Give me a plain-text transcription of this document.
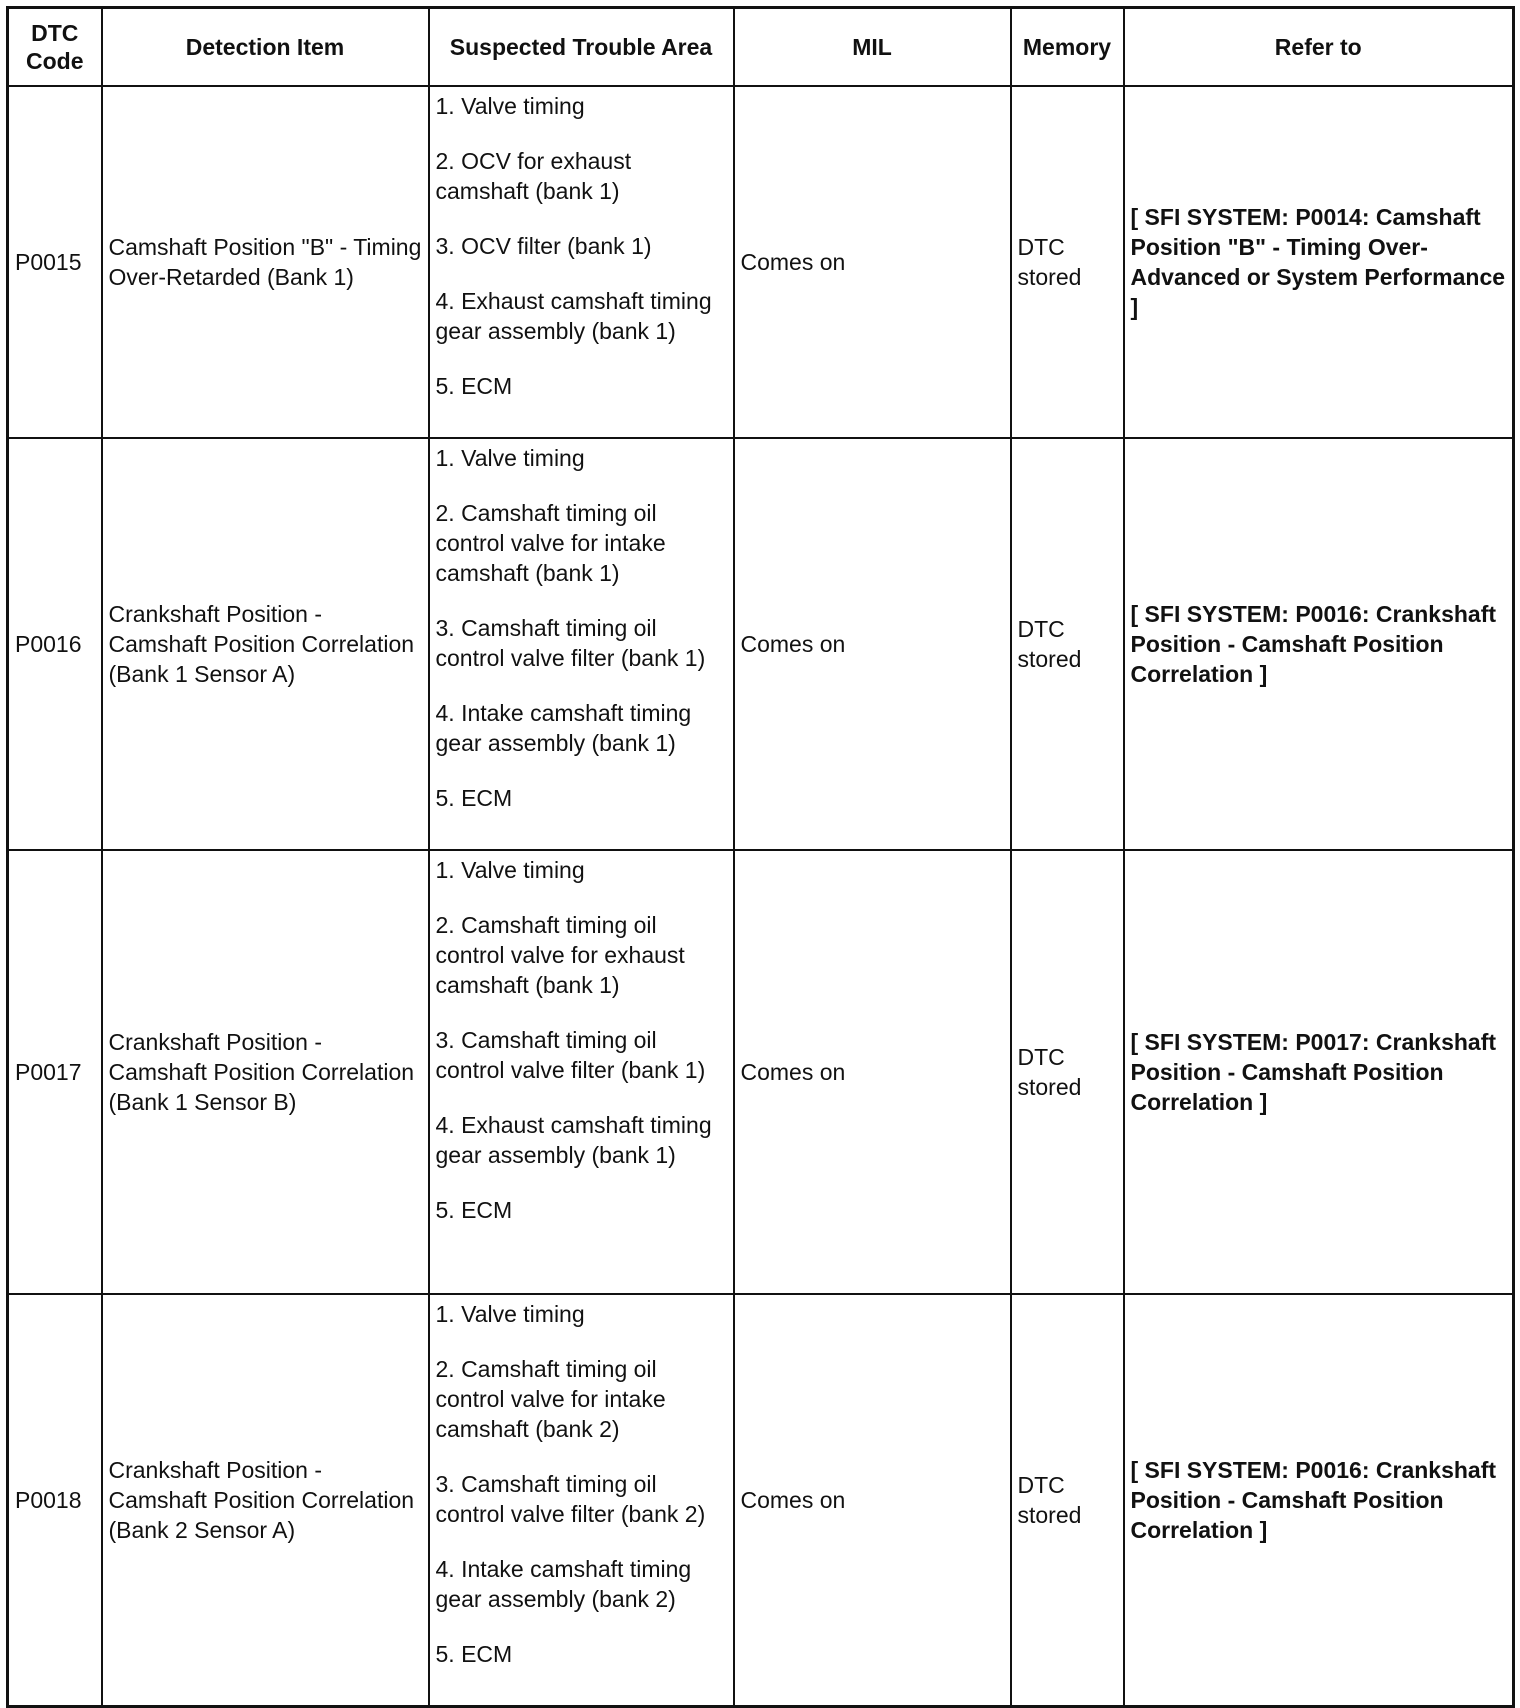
DTC
Code	Detection Item	Suspected Trouble Area	MIL	Memory	Refer to
P0015	Camshaft Position "B" - Timing Over-Retarded (Bank 1)	1. Valve timing
2. OCV for exhaust camshaft (bank 1)
3. OCV filter (bank 1)
4. Exhaust camshaft timing gear assembly (bank 1)
5. ECM	Comes on	DTC stored	[ SFI SYSTEM: P0014: Camshaft Position "B" - Timing Over-Advanced or System Performance ]
P0016	Crankshaft Position - Camshaft Position Correlation (Bank 1 Sensor A)	1. Valve timing
2. Camshaft timing oil control valve for intake camshaft (bank 1)
3. Camshaft timing oil control valve filter (bank 1)
4. Intake camshaft timing gear assembly (bank 1)
5. ECM	Comes on	DTC stored	[ SFI SYSTEM: P0016: Crankshaft Position - Camshaft Position Correlation ]
P0017	Crankshaft Position - Camshaft Position Correlation (Bank 1 Sensor B)	1. Valve timing
2. Camshaft timing oil control valve for exhaust camshaft (bank 1)
3. Camshaft timing oil control valve filter (bank 1)
4. Exhaust camshaft timing gear assembly (bank 1)
5. ECM	Comes on	DTC stored	[ SFI SYSTEM: P0017: Crankshaft Position - Camshaft Position Correlation ]
P0018	Crankshaft Position - Camshaft Position Correlation (Bank 2 Sensor A)	1. Valve timing
2. Camshaft timing oil control valve for intake camshaft (bank 2)
3. Camshaft timing oil control valve filter (bank 2)
4. Intake camshaft timing gear assembly (bank 2)
5. ECM	Comes on	DTC stored	[ SFI SYSTEM: P0016: Crankshaft Position - Camshaft Position Correlation ]
